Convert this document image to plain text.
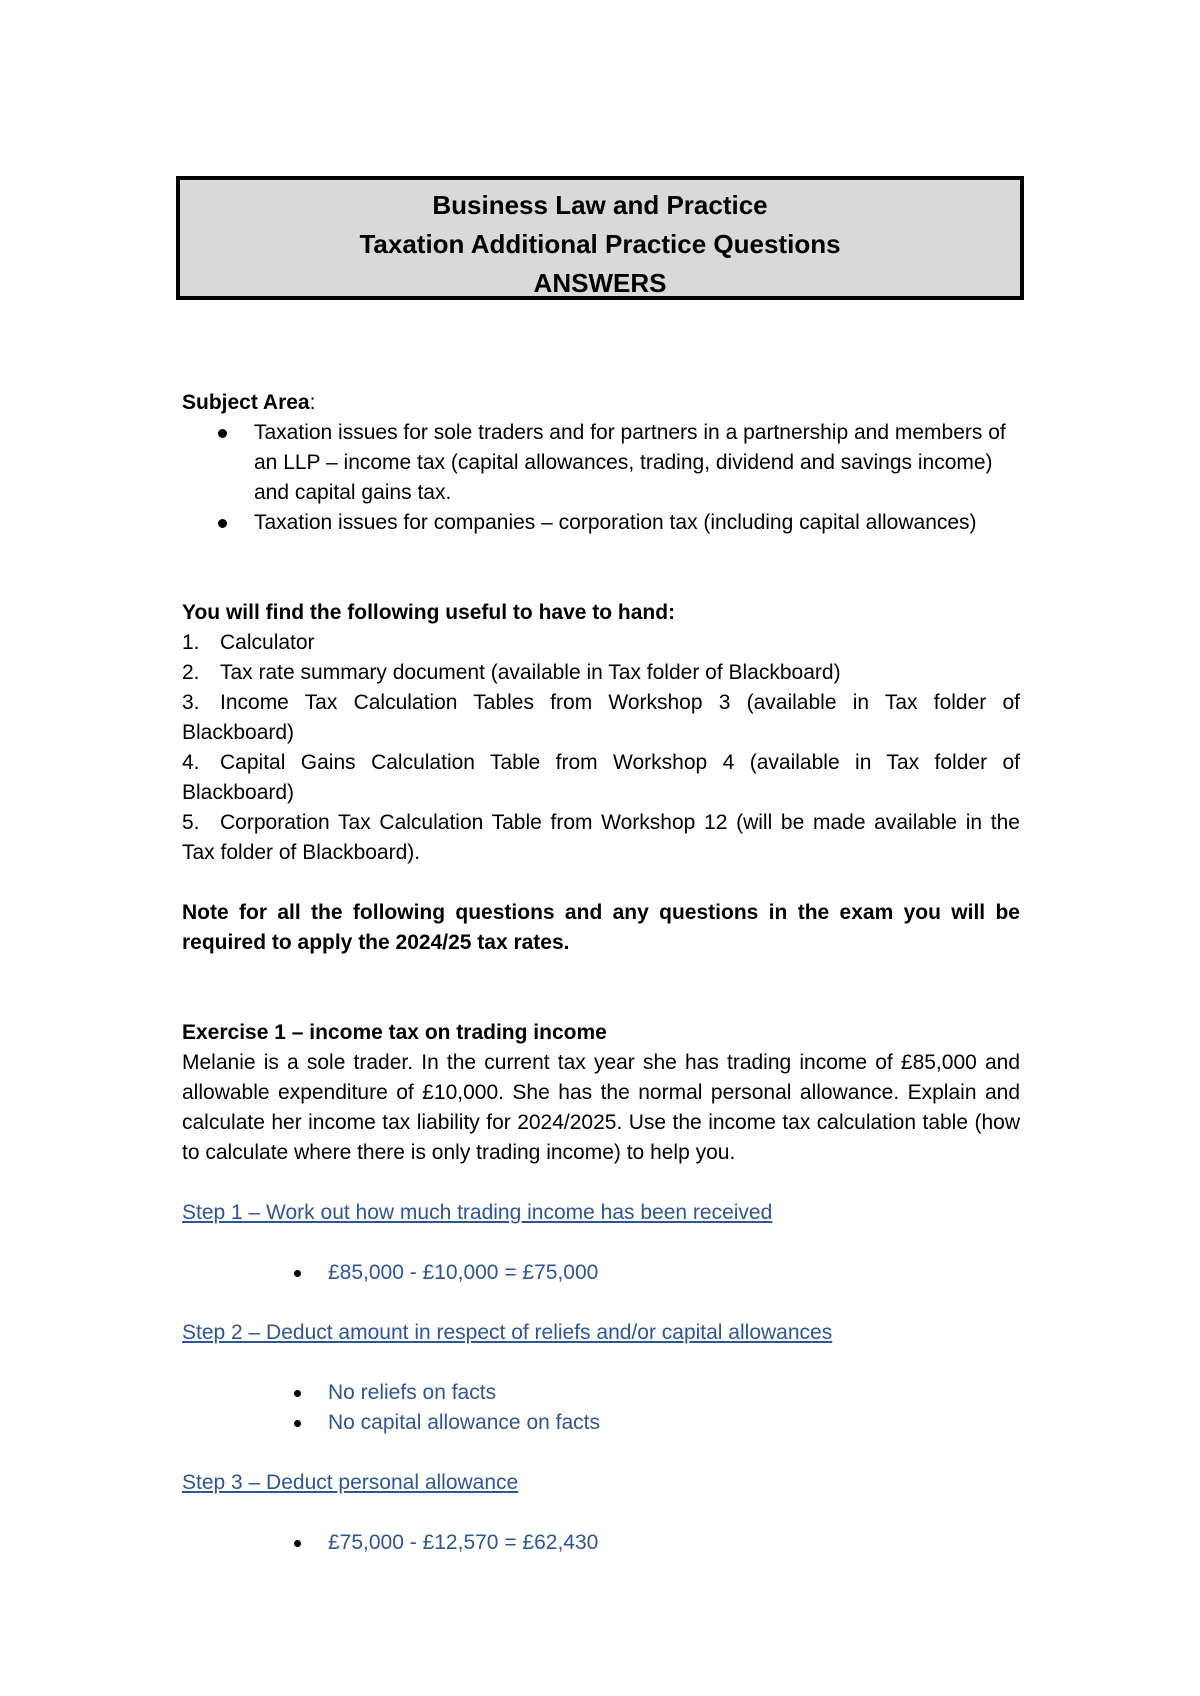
Business Law and Practice
Taxation Additional Practice Questions
ANSWERS
Subject Area:
Taxation issues for sole traders and for partners in a partnership and members of an LLP – income tax (capital allowances, trading, dividend and savings income) and capital gains tax.
Taxation issues for companies – corporation tax (including capital allowances)
You will find the following useful to have to hand:
1. Calculator
2. Tax rate summary document (available in Tax folder of Blackboard)
3. Income Tax Calculation Tables from Workshop 3 (available in Tax folder of Blackboard)
4. Capital Gains Calculation Table from Workshop 4 (available in Tax folder of Blackboard)
5. Corporation Tax Calculation Table from Workshop 12 (will be made available in the Tax folder of Blackboard).
Note for all the following questions and any questions in the exam you will be required to apply the 2024/25 tax rates.
Exercise 1 – income tax on trading income
Melanie is a sole trader. In the current tax year she has trading income of £85,000 and allowable expenditure of £10,000. She has the normal personal allowance. Explain and calculate her income tax liability for 2024/2025. Use the income tax calculation table (how to calculate where there is only trading income) to help you.
Step 1 – Work out how much trading income has been received
£85,000 - £10,000 = £75,000
Step 2 – Deduct amount in respect of reliefs and/or capital allowances
No reliefs on facts
No capital allowance on facts
Step 3 – Deduct personal allowance
£75,000 - £12,570 = £62,430
